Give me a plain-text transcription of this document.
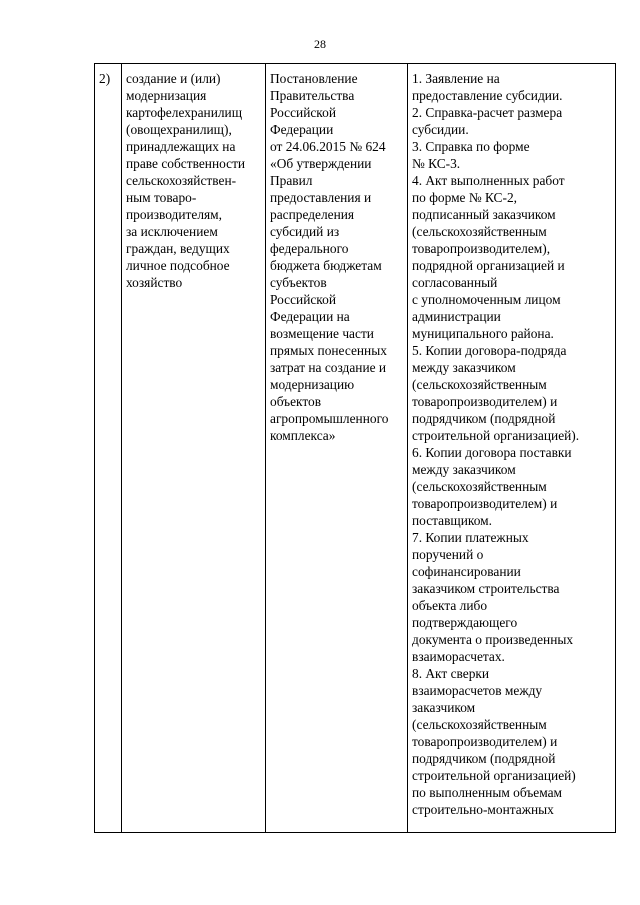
28
2) создание и (или)
модернизация
картофелехранилищ
(овощехранилищ),
принадлежащих на
праве собственности
сельскохозяйствен-
ным товаро-
производителям,
за исключением
граждан, ведущих
личное подсобное
хозяйство
Постановление
Правительства
Российской
Федерации
от 24.06.2015 № 624
«Об утверждении
Правил
предоставления и
распределения
субсидий из
федерального
бюджета бюджетам
субъектов
Российской
Федерации на
возмещение части
прямых понесенных
затрат на создание и
модернизацию
объектов
агропромышленного
комплекса»
1. Заявление на
предоставление субсидии.
2. Справка-расчет размера
субсидии.
3. Справка по форме
№ КС-3.
4. Акт выполненных работ
по форме № КС-2,
подписанный заказчиком
(сельскохозяйственным
товаропроизводителем),
подрядной организацией и
согласованный
с уполномоченным лицом
администрации
муниципального района.
5. Копии договора-подряда
между заказчиком
(сельскохозяйственным
товаропроизводителем) и
подрядчиком (подрядной
строительной организацией).
6. Копии договора поставки
между заказчиком
(сельскохозяйственным
товаропроизводителем) и
поставщиком.
7. Копии платежных
поручений о
софинансировании
заказчиком строительства
объекта либо
подтверждающего
документа о произведенных
взаиморасчетах.
8. Акт сверки
взаиморасчетов между
заказчиком
(сельскохозяйственным
товаропроизводителем) и
подрядчиком (подрядной
строительной организацией)
по выполненным объемам
строительно-монтажных
